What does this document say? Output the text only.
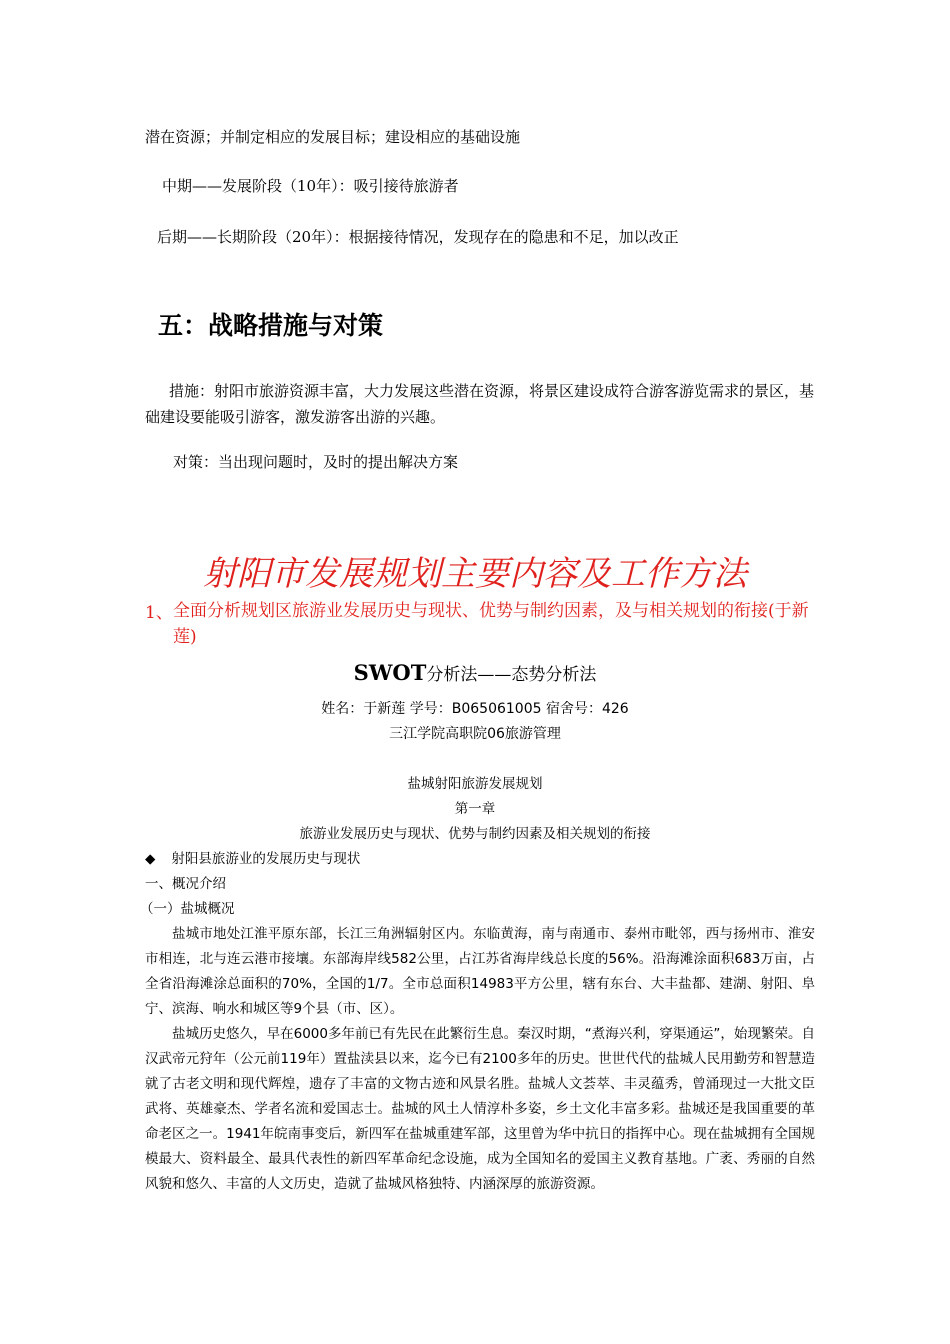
潜在资源；并制定相应的发展目标；建设相应的基础设施
中期——发展阶段（10年）：吸引接待旅游者
后期——长期阶段（20年）：根据接待情况，发现存在的隐患和不足，加以改正
五：战略措施与对策
措施：射阳市旅游资源丰富，大力发展这些潜在资源，将景区建设成符合游客游览需求的景区，基础建设要能吸引游客，激发游客出游的兴趣。
对策：当出现问题时，及时的提出解决方案
射阳市发展规划主要内容及工作方法
1、 全面分析规划区旅游业发展历史与现状、优势与制约因素，及与相关规划的衔接(于新莲)
SWOT分析法——态势分析法
姓名：于新莲 学号：B065061005 宿舍号：426
三江学院高职院06旅游管理
盐城射阳旅游发展规划
第一章
旅游业发展历史与现状、优势与制约因素及相关规划的衔接
◆ 射阳县旅游业的发展历史与现状
一、概况介绍
（一）盐城概况
盐城市地处江淮平原东部，长江三角洲辐射区内。东临黄海，南与南通市、泰州市毗邻，西与扬州市、淮安市相连，北与连云港市接壤。东部海岸线582公里，占江苏省海岸线总长度的56%。沿海滩涂面积683万亩，占全省沿海滩涂总面积的70%，全国的1/7。全市总面积14983平方公里，辖有东台、大丰盐都、建湖、射阳、阜宁、滨海、响水和城区等9个县（市、区）。
盐城历史悠久，早在6000多年前已有先民在此繁衍生息。秦汉时期，“煮海兴利，穿渠通运”，始现繁荣。自汉武帝元狩年（公元前119年）置盐渎县以来，迄今已有2100多年的历史。世世代代的盐城人民用勤劳和智慧造就了古老文明和现代辉煌，遗存了丰富的文物古迹和风景名胜。盐城人文荟萃、丰灵蕴秀，曾涌现过一大批文臣武将、英雄豪杰、学者名流和爱国志士。盐城的风土人情淳朴多姿，乡土文化丰富多彩。盐城还是我国重要的革命老区之一。1941年皖南事变后，新四军在盐城重建军部，这里曾为华中抗日的指挥中心。现在盐城拥有全国规模最大、资料最全、最具代表性的新四军革命纪念设施，成为全国知名的爱国主义教育基地。广袤、秀丽的自然风貌和悠久、丰富的人文历史，造就了盐城风格独特、内涵深厚的旅游资源。
